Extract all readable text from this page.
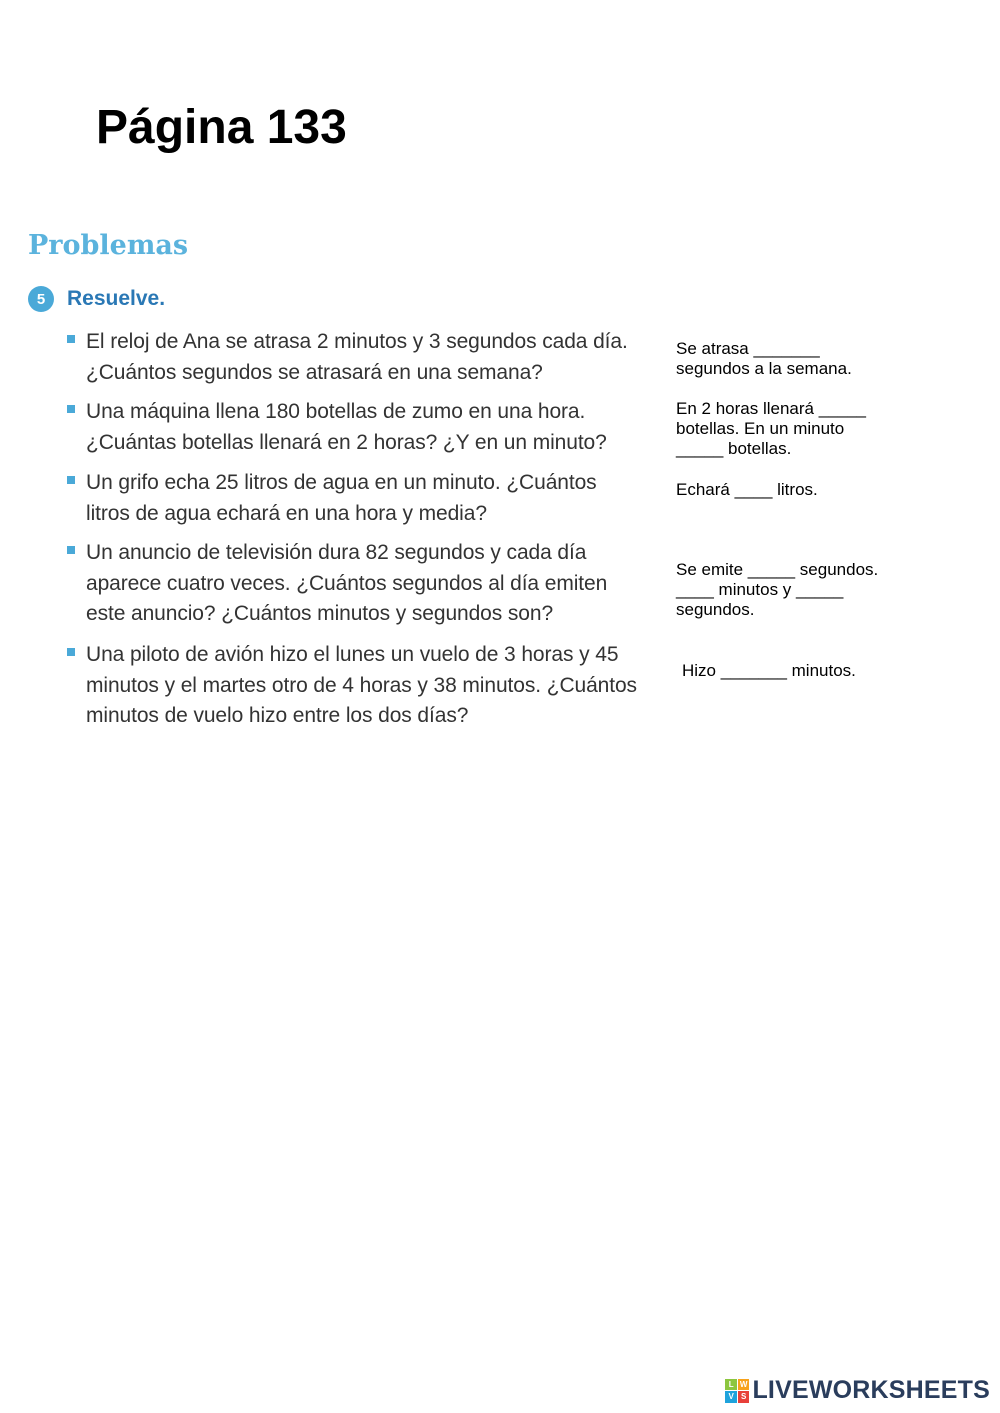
Página 133
Problemas
5	Resuelve.
El reloj de Ana se atrasa 2 minutos y 3 segundos cada día. ¿Cuántos segundos se atrasará en una semana?
Una máquina llena 180 botellas de zumo en una hora. ¿Cuántas botellas llenará en 2 horas? ¿Y en un minuto?
Un grifo echa 25 litros de agua en un minuto. ¿Cuántos litros de agua echará en una hora y media?
Un anuncio de televisión dura 82 segundos y cada día aparece cuatro veces. ¿Cuántos segundos al día emiten este anuncio? ¿Cuántos minutos y segundos son?
Una piloto de avión hizo el lunes un vuelo de 3 horas y 45 minutos y el martes otro de 4 horas y 38 minutos. ¿Cuántos minutos de vuelo hizo entre los dos días?
Se atrasa _______
segundos a la semana.
En 2 horas llenará _____
botellas. En un minuto
_____ botellas.
Echará ____ litros.
Se emite _____ segundos.
____ minutos y _____
segundos.
Hizo _______ minutos.
L W
V S LIVEWORKSHEETS
